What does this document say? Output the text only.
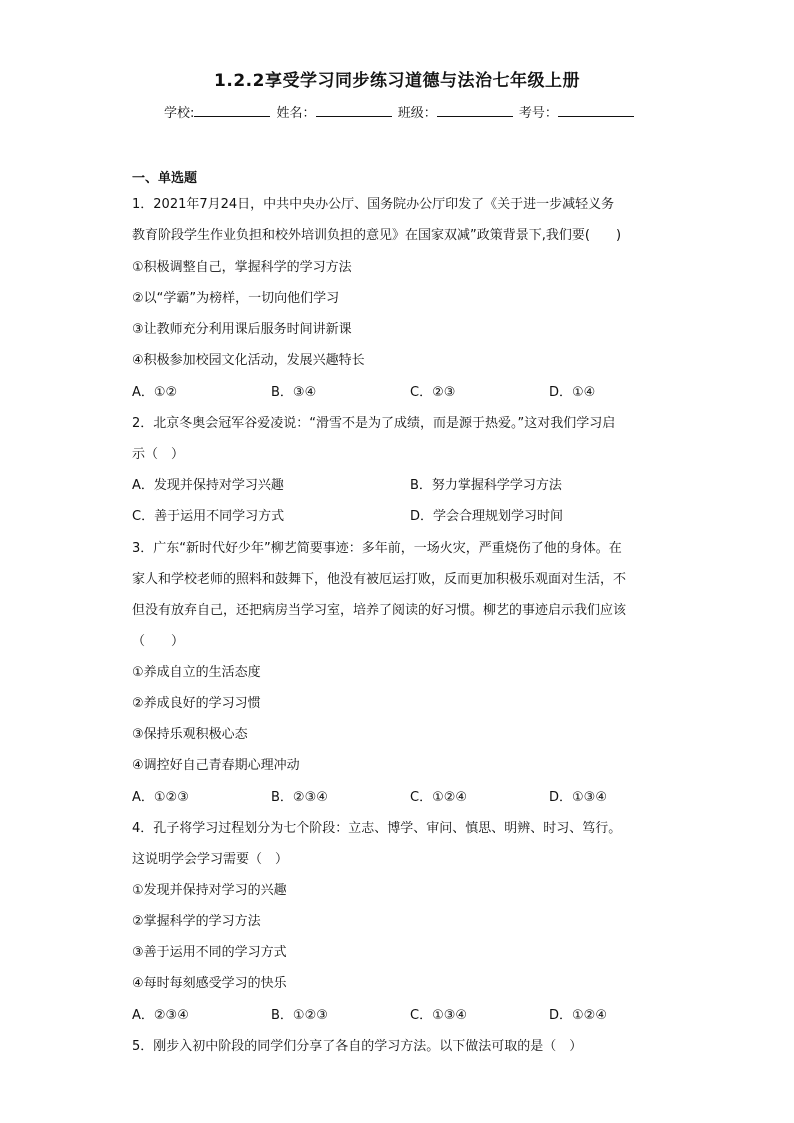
1.2.2享受学习同步练习道德与法治七年级上册
学校:	姓名：	班级：	考号：
一、单选题
1．2021年7月24日，中共中央办公厅、国务院办公厅印发了《关于进一步减轻义务
教育阶段学生作业负担和校外培训负担的意见》在国家双减”政策背景下,我们要(　　)
①积极调整自己，掌握科学的学习方法
②以“学霸”为榜样，一切向他们学习
③让教师充分利用课后服务时间讲新课
④积极参加校园文化活动，发展兴趣特长
A．①②	B．③④	C．②③	D．①④
2．北京冬奥会冠军谷爱凌说：“滑雪不是为了成绩，而是源于热爱。”这对我们学习启
示（　）
A．发现并保持对学习兴趣	B．努力掌握科学学习方法
C．善于运用不同学习方式	D．学会合理规划学习时间
3．广东“新时代好少年”柳艺简要事迹：多年前，一场火灾，严重烧伤了他的身体。在
家人和学校老师的照料和鼓舞下，他没有被厄运打败，反而更加积极乐观面对生活，不
但没有放弃自己，还把病房当学习室，培养了阅读的好习惯。柳艺的事迹启示我们应该
（　　）
①养成自立的生活态度
②养成良好的学习习惯
③保持乐观积极心态
④调控好自己青春期心理冲动
A．①②③	B．②③④	C．①②④	D．①③④
4．孔子将学习过程划分为七个阶段：立志、博学、审问、慎思、明辨、时习、笃行。
这说明学会学习需要（　）
①发现并保持对学习的兴趣
②掌握科学的学习方法
③善于运用不同的学习方式
④每时每刻感受学习的快乐
A．②③④	B．①②③	C．①③④	D．①②④
5．刚步入初中阶段的同学们分享了各自的学习方法。以下做法可取的是（　）
